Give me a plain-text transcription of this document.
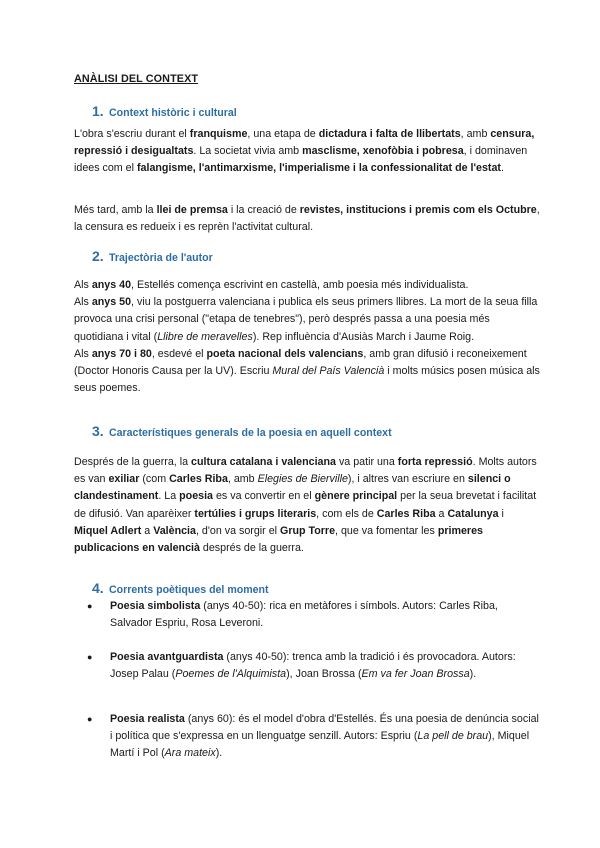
ANÀLISI DEL CONTEXT
1. Context històric i cultural

L'obra s'escriu durant el franquisme, una etapa de dictadura i falta de llibertats, amb censura, repressió i desigualtats. La societat vivia amb masclisme, xenofòbia i pobresa, i dominaven idees com el falangisme, l'antimarxisme, l'imperialisme i la confessionalitat de l'estat.

Més tard, amb la llei de premsa i la creació de revistes, institucions i premis com els Octubre, la censura es redueix i es reprèn l'activitat cultural.

2. Trajectòria de l'autor

Als anys 40, Estellés comença escrivint en castellà, amb poesia més individualista.
Als anys 50, viu la postguerra valenciana i publica els seus primers llibres. La mort de la seua filla provoca una crisi personal ("etapa de tenebres"), però després passa a una poesia més quotidiana i vital (Llibre de meravelles). Rep influència d'Ausiàs March i Jaume Roig.
Als anys 70 i 80, esdevé el poeta nacional dels valencians, amb gran difusió i reconeixement (Doctor Honoris Causa per la UV). Escriu Mural del País Valencià i molts músics posen música als seus poemes.

3. Característiques generals de la poesia en aquell context

Després de la guerra, la cultura catalana i valenciana va patir una forta repressió. Molts autors es van exiliar (com Carles Riba, amb Elegies de Bierville), i altres van escriure en silenci o clandestinament. La poesia es va convertir en el gènere principal per la seua brevetat i facilitat de difusió. Van aparèixer tertúlies i grups literaris, com els de Carles Riba a Catalunya i Miquel Adlert a València, d'on va sorgir el Grup Torre, que va fomentar les primeres publicacions en valencià després de la guerra.

4. Corrents poètiques del moment
● Poesia simbolista (anys 40-50): rica en metàfores i símbols. Autors: Carles Riba, Salvador Espriu, Rosa Leveroni.
● Poesia avantguardista (anys 40-50): trenca amb la tradició i és provocadora. Autors: Josep Palau (Poemes de l'Alquimista), Joan Brossa (Em va fer Joan Brossa).
● Poesia realista (anys 60): és el model d'obra d'Estellés. És una poesia de denúncia social i política que s'expressa en un llenguatge senzill. Autors: Espriu (La pell de brau), Miquel Martí i Pol (Ara mateix).
